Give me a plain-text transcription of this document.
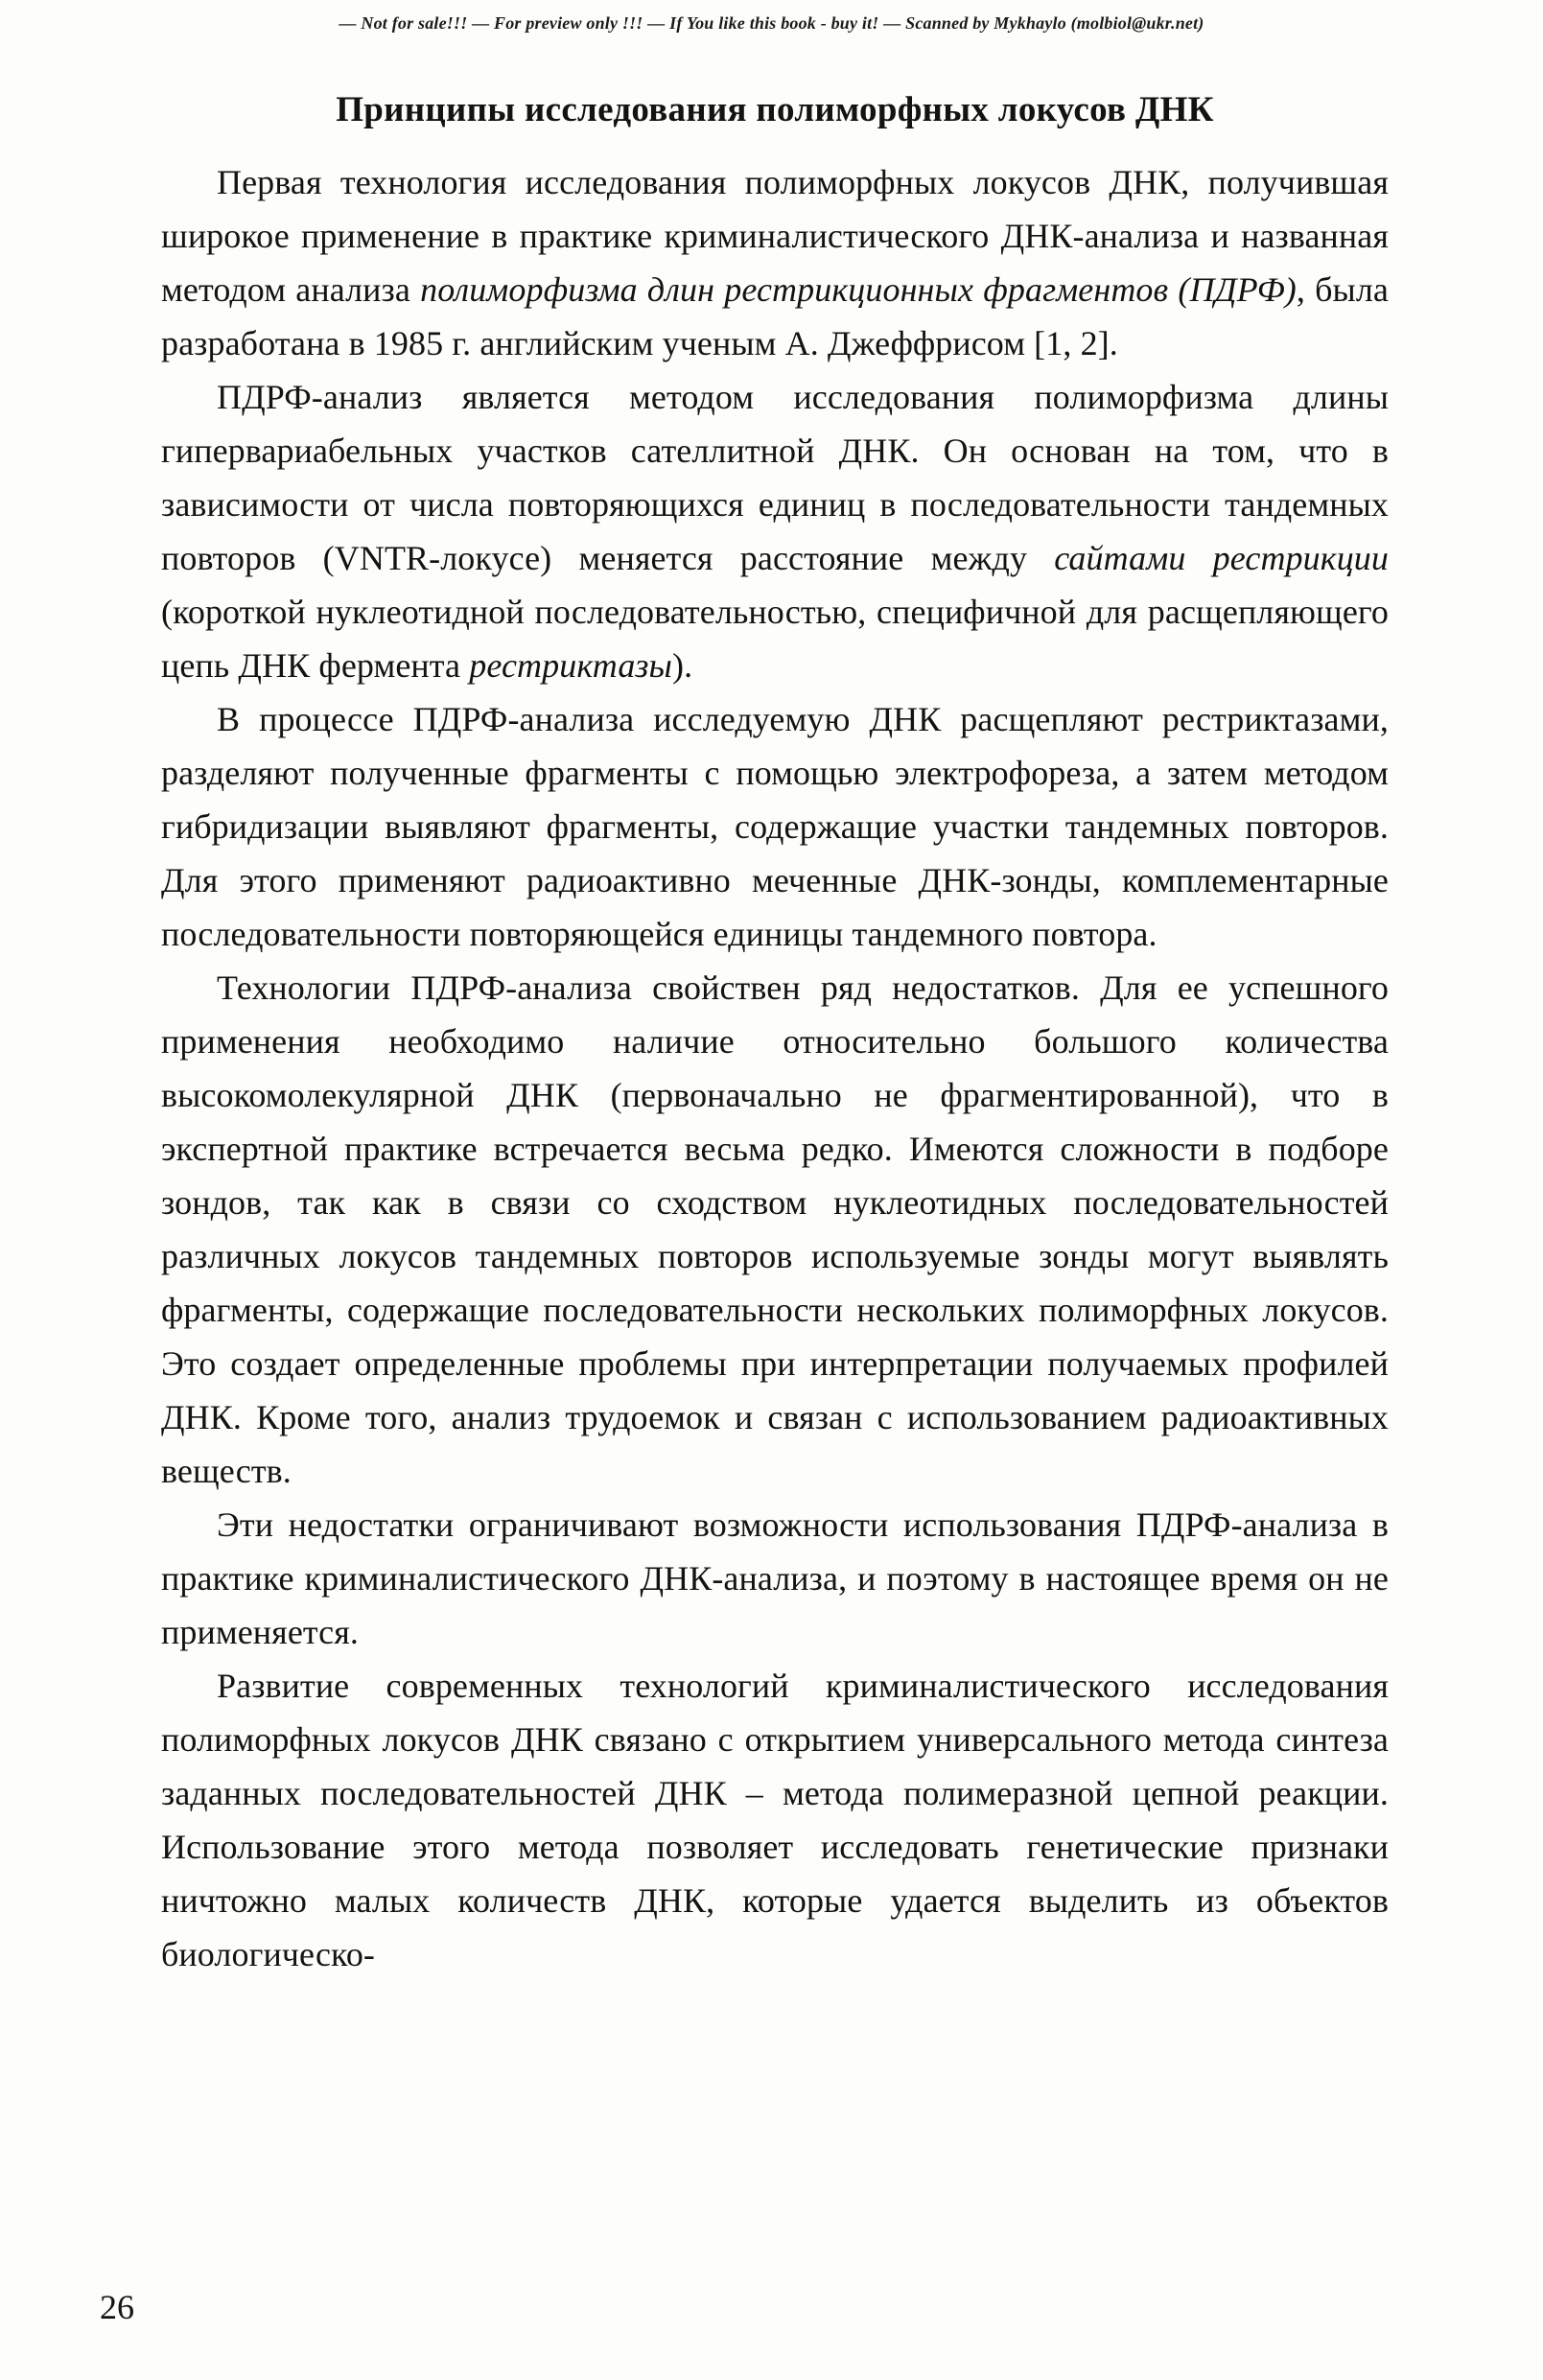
— Not for sale!!! — For preview only !!! — If You like this book - buy it! — Scanned by Mykhaylo (molbiol@ukr.net)
Принципы исследования полиморфных локусов ДНК

Первая технология исследования полиморфных локусов ДНК, получившая широкое применение в практике криминалистического ДНК-анализа и названная методом анализа полиморфизма длин рестрикционных фрагментов (ПДРФ), была разработана в 1985 г. английским ученым А. Джеффрисом [1, 2].

ПДРФ-анализ является методом исследования полиморфизма длины гипервариабельных участков сателлитной ДНК. Он основан на том, что в зависимости от числа повторяющихся единиц в последовательности тандемных повторов (VNTR-локусе) меняется расстояние между сайтами рестрикции (короткой нуклеотидной последовательностью, специфичной для расщепляющего цепь ДНК фермента рестриктазы).

В процессе ПДРФ-анализа исследуемую ДНК расщепляют рестриктазами, разделяют полученные фрагменты с помощью электрофореза, а затем методом гибридизации выявляют фрагменты, содержащие участки тандемных повторов. Для этого применяют радиоактивно меченные ДНК-зонды, комплементарные последовательности повторяющейся единицы тандемного повтора.

Технологии ПДРФ-анализа свойствен ряд недостатков. Для ее успешного применения необходимо наличие относительно большого количества высокомолекулярной ДНК (первоначально не фрагментированной), что в экспертной практике встречается весьма редко. Имеются сложности в подборе зондов, так как в связи со сходством нуклеотидных последовательностей различных локусов тандемных повторов используемые зонды могут выявлять фрагменты, содержащие последовательности нескольких полиморфных локусов. Это создает определенные проблемы при интерпретации получаемых профилей ДНК. Кроме того, анализ трудоемок и связан с использованием радиоактивных веществ.

Эти недостатки ограничивают возможности использования ПДРФ-анализа в практике криминалистического ДНК-анализа, и поэтому в настоящее время он не применяется.

Развитие современных технологий криминалистического исследования полиморфных локусов ДНК связано с открытием универсального метода синтеза заданных последовательностей ДНК – метода полимеразной цепной реакции. Использование этого метода позволяет исследовать генетические признаки ничтожно малых количеств ДНК, которые удается выделить из объектов биологическо-

26
